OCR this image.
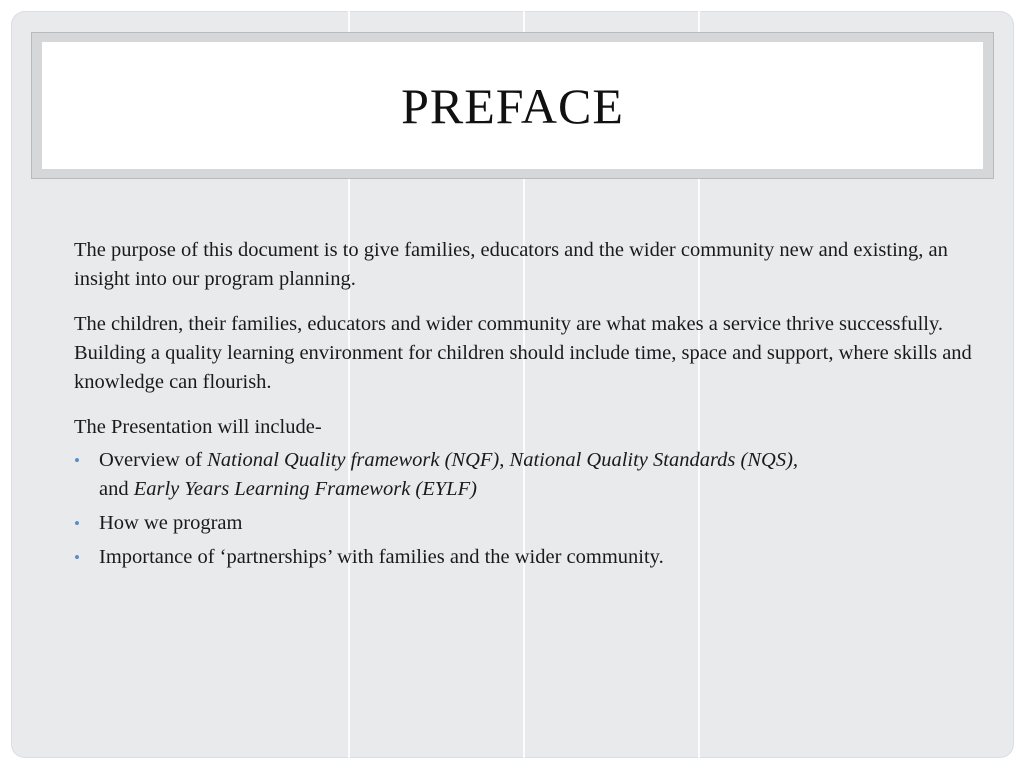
PREFACE

The purpose of this document is to give families, educators and the wider community new and existing, an insight into our program planning.

The children, their families, educators and wider community are what makes a service thrive successfully. Building a quality learning environment for children should include time, space and support, where skills and knowledge can flourish.

The Presentation will include-

• Overview of National Quality framework (NQF), National Quality Standards (NQS),
and Early Years Learning Framework (EYLF)
• How we program
• Importance of ‘partnerships’ with families and the wider community.
